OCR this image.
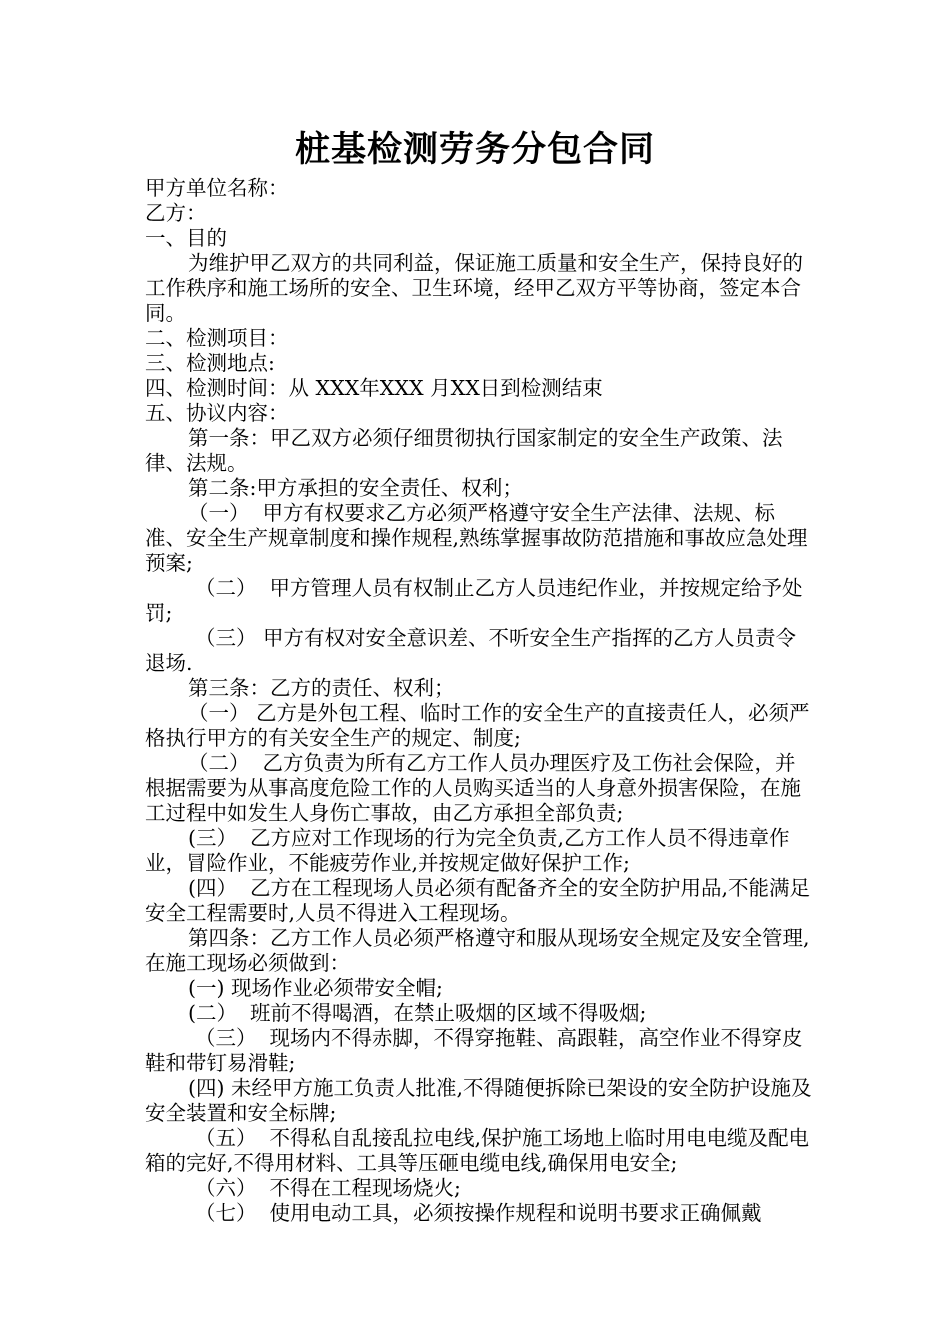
桩基检测劳务分包合同

甲方单位名称：

乙方：

一、目的

为维护甲乙双方的共同利益，保证施工质量和安全生产，保持良好的工作秩序和施工场所的安全、卫生环境，经甲乙双方平等协商，签定本合同。

二、检测项目：

三、检测地点:

四、检测时间：从 XXX年XXX 月XX日到检测结束

五、协议内容：

第一条：甲乙双方必须仔细贯彻执行国家制定的安全生产政策、法律、法规。

第二条:甲方承担的安全责任、权利；

（一）  甲方有权要求乙方必须严格遵守安全生产法律、法规、标准、安全生产规章制度和操作规程,熟练掌握事故防范措施和事故应急处理预案;

（二）  甲方管理人员有权制止乙方人员违纪作业，并按规定给予处罚;

（三） 甲方有权对安全意识差、不听安全生产指挥的乙方人员责令退场.

第三条：乙方的责任、权利；

（一） 乙方是外包工程、临时工作的安全生产的直接责任人，必须严格执行甲方的有关安全生产的规定、制度;

（二）  乙方负责为所有乙方工作人员办理医疗及工伤社会保险，并根据需要为从事高度危险工作的人员购买适当的人身意外损害保险，在施工过程中如发生人身伤亡事故，由乙方承担全部负责;

(三）  乙方应对工作现场的行为完全负责,乙方工作人员不得违章作业，冒险作业，不能疲劳作业,并按规定做好保护工作;

(四）  乙方在工程现场人员必须有配备齐全的安全防护用品,不能满足安全工程需要时,人员不得进入工程现场。

第四条：乙方工作人员必须严格遵守和服从现场安全规定及安全管理,在施工现场必须做到：

(一) 现场作业必须带安全帽;

(二）  班前不得喝酒，在禁止吸烟的区域不得吸烟;

（三）  现场内不得赤脚，不得穿拖鞋、高跟鞋，高空作业不得穿皮鞋和带钉易滑鞋;

(四) 未经甲方施工负责人批准,不得随便拆除已架设的安全防护设施及安全装置和安全标牌;

（五）  不得私自乱接乱拉电线,保护施工场地上临时用电电缆及配电箱的完好,不得用材料、工具等压砸电缆电线,确保用电安全;

（六）  不得在工程现场烧火;

（七）  使用电动工具，必须按操作规程和说明书要求正确佩戴
